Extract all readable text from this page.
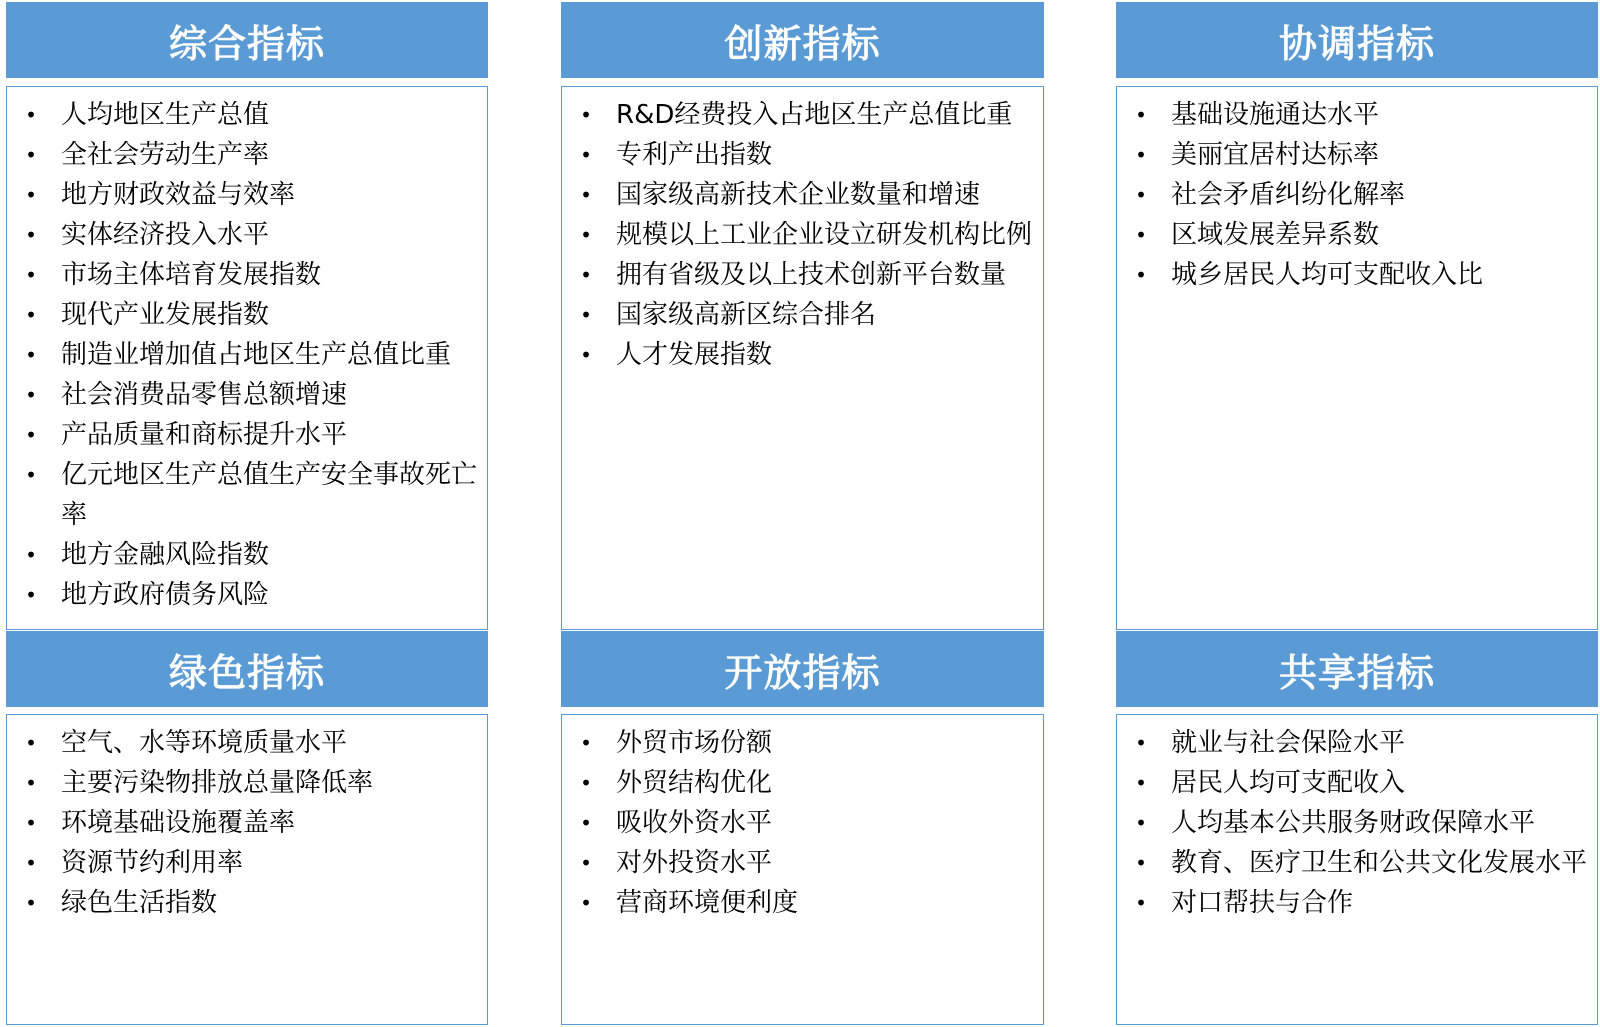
综合指标
• 人均地区生产总值
• 全社会劳动生产率
• 地方财政效益与效率
• 实体经济投入水平
• 市场主体培育发展指数
• 现代产业发展指数
• 制造业增加值占地区生产总值比重
• 社会消费品零售总额增速
• 产品质量和商标提升水平
• 亿元地区生产总值生产安全事故死亡率
• 地方金融风险指数
• 地方政府债务风险
创新指标
• R&D经费投入占地区生产总值比重
• 专利产出指数
• 国家级高新技术企业数量和增速
• 规模以上工业企业设立研发机构比例
• 拥有省级及以上技术创新平台数量
• 国家级高新区综合排名
• 人才发展指数
协调指标
• 基础设施通达水平
• 美丽宜居村达标率
• 社会矛盾纠纷化解率
• 区域发展差异系数
• 城乡居民人均可支配收入比
绿色指标
• 空气、水等环境质量水平
• 主要污染物排放总量降低率
• 环境基础设施覆盖率
• 资源节约利用率
• 绿色生活指数
开放指标
• 外贸市场份额
• 外贸结构优化
• 吸收外资水平
• 对外投资水平
• 营商环境便利度
共享指标
• 就业与社会保险水平
• 居民人均可支配收入
• 人均基本公共服务财政保障水平
• 教育、医疗卫生和公共文化发展水平
• 对口帮扶与合作
